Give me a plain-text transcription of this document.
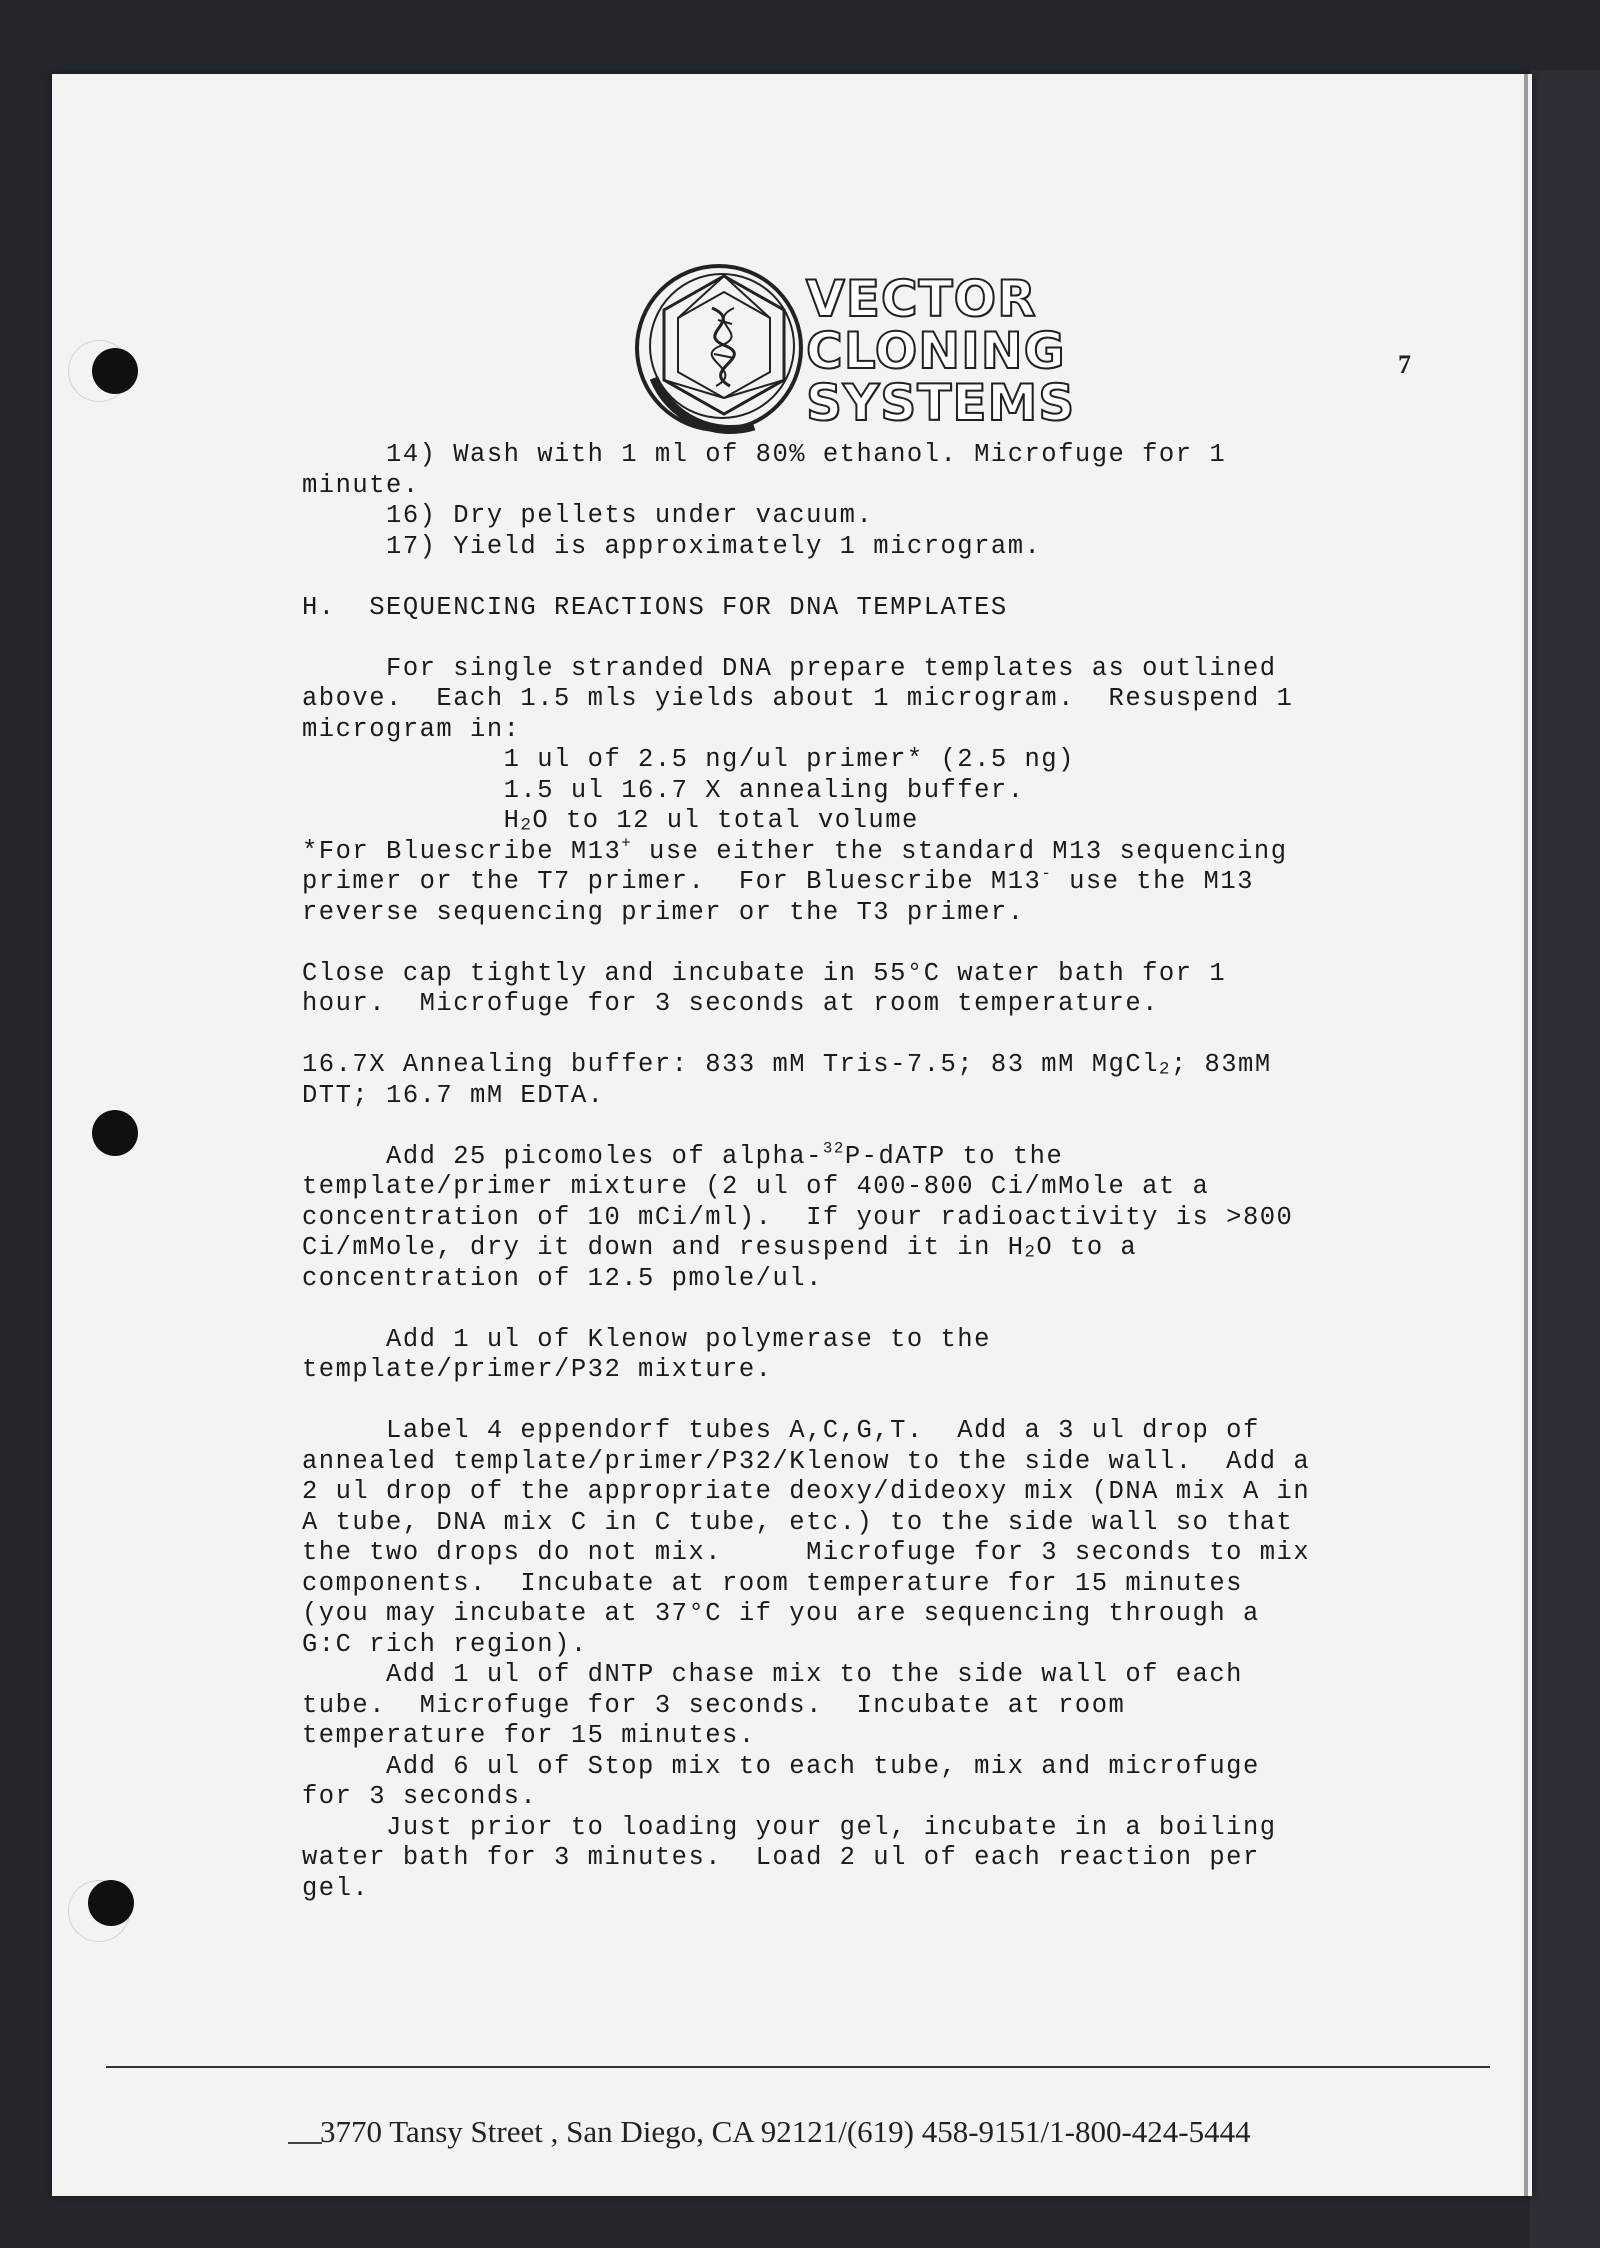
VECTOR
CLONING
SYSTEMS
7

14) Wash with 1 ml of 80% ethanol. Microfuge for 1

minute.

16) Dry pellets under vacuum.

17) Yield is approximately 1 microgram.

H.  SEQUENCING REACTIONS FOR DNA TEMPLATES

For single stranded DNA prepare templates as outlined

above.  Each 1.5 mls yields about 1 microgram.  Resuspend 1

microgram in:

1 ul of 2.5 ng/ul primer* (2.5 ng)

1.5 ul 16.7 X annealing buffer.

$H_2O$ to 12 ul total volume

*For Bluescribe M13+ use either the standard M13 sequencing

primer or the T7 primer.  For Bluescribe M13- use the M13

reverse sequencing primer or the T3 primer.

Close cap tightly and incubate in 55°C water bath for 1

hour.  Microfuge for 3 seconds at room temperature.

16.7X Annealing buffer: 833 mM Tris-7.5; 83 mM MgCl$_2$; 83mM

DTT; 16.7 mM EDTA.

Add 25 picomoles of alpha-$^{32}$P-dATP to the

template/primer mixture (2 ul of 400-800 Ci/mMole at a

concentration of 10 mCi/ml).  If your radioactivity is >800

Ci/mMole, dry it down and resuspend it in $H_2O$ to a

concentration of 12.5 pmole/ul.

Add 1 ul of Klenow polymerase to the

template/primer/P32 mixture.

Label 4 eppendorf tubes A,C,G,T.  Add a 3 ul drop of

annealed template/primer/P32/Klenow to the side wall.  Add a

2 ul drop of the appropriate deoxy/dideoxy mix (DNA mix A in

A tube, DNA mix C in C tube, etc.) to the side wall so that

the two drops do not mix.     Microfuge for 3 seconds to mix

components.  Incubate at room temperature for 15 minutes

(you may incubate at 37°C if you are sequencing through a

G:C rich region).

Add 1 ul of dNTP chase mix to the side wall of each

tube.  Microfuge for 3 seconds.  Incubate at room

temperature for 15 minutes.

Add 6 ul of Stop mix to each tube, mix and microfuge

for 3 seconds.

Just prior to loading your gel, incubate in a boiling

water bath for 3 minutes.  Load 2 ul of each reaction per

gel.

3770 Tansy Street , San Diego, CA 92121/(619) 458-9151/1-800-424-5444
